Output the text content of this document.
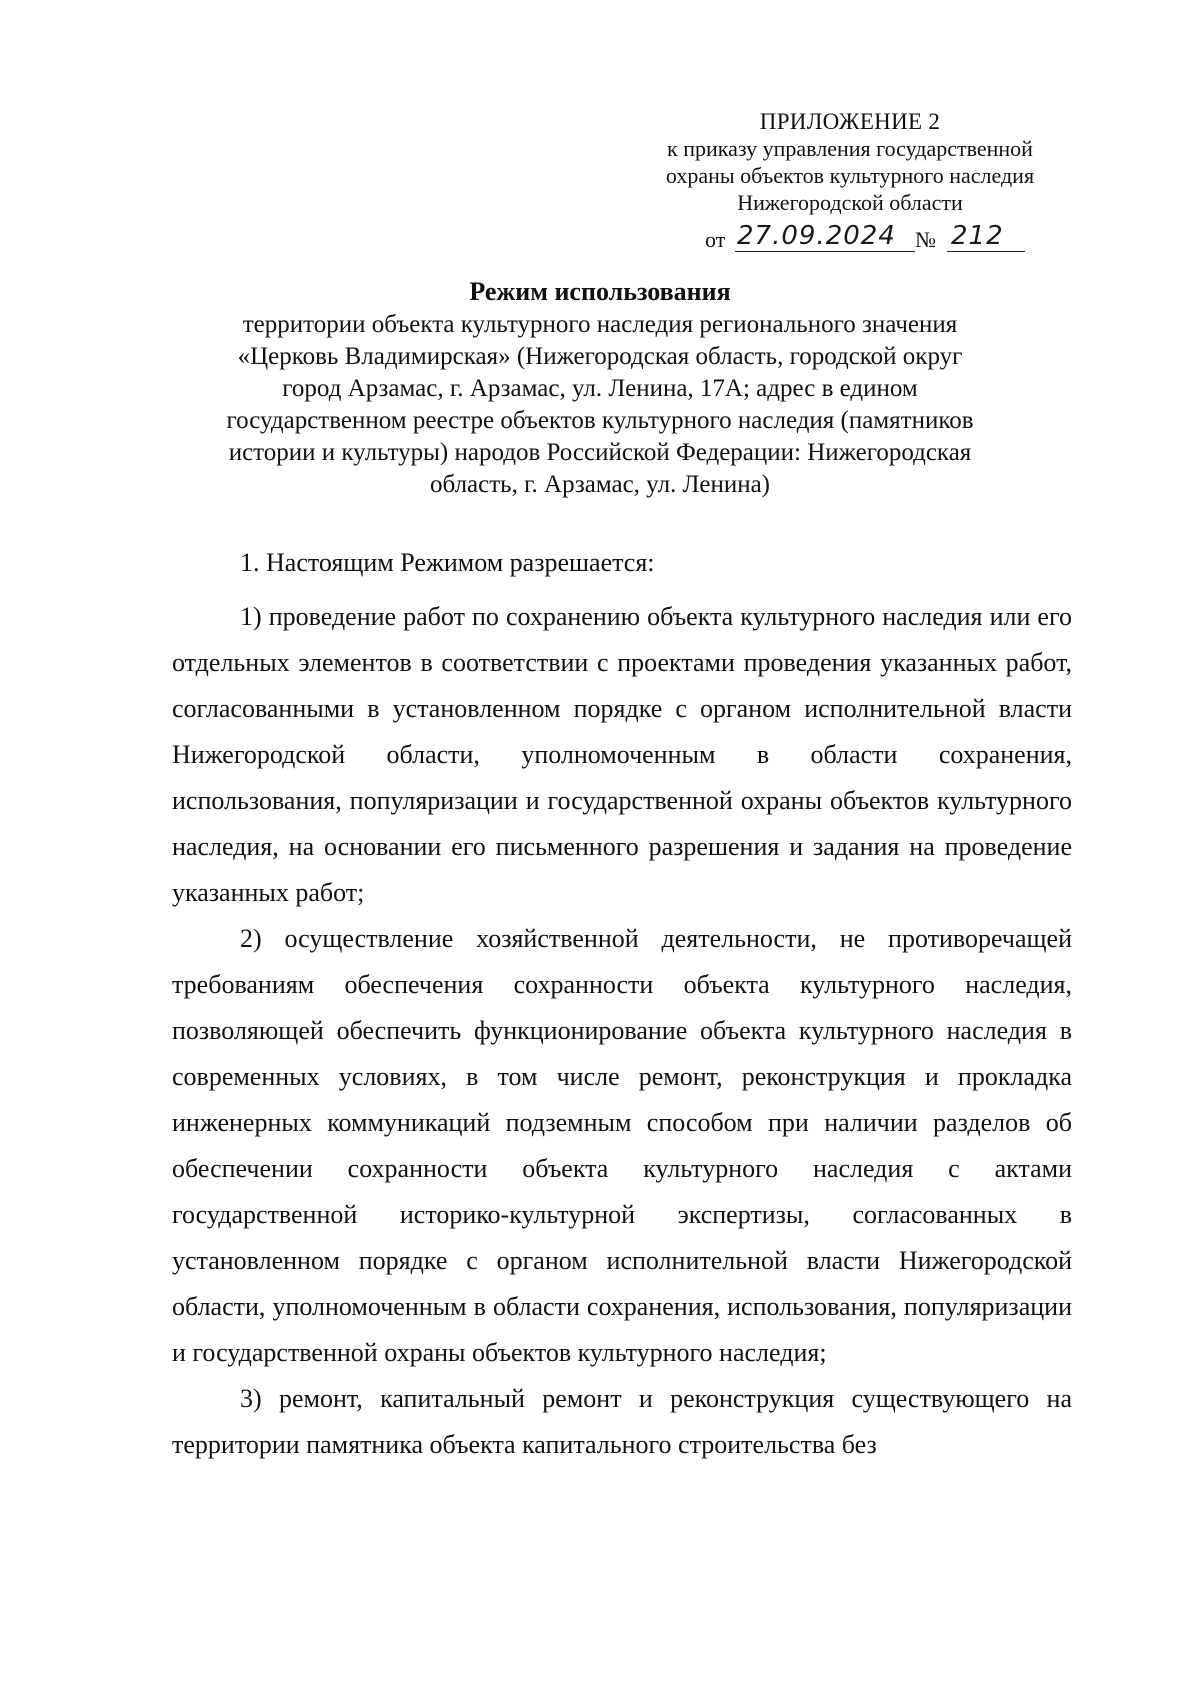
ПРИЛОЖЕНИЕ 2
к приказу управления государственной
охраны объектов культурного наследия
Нижегородской области
от 27.09.2024 № 212

Режим использования

территории объекта культурного наследия регионального значения

«Церковь Владимирская» (Нижегородская область, городской округ

город Арзамас, г. Арзамас, ул. Ленина, 17А; адрес в едином

государственном реестре объектов культурного наследия (памятников

истории и культуры) народов Российской Федерации: Нижегородская

область, г. Арзамас, ул. Ленина)

1. Настоящим Режимом разрешается:

1) проведение работ по сохранению объекта культурного наследия или его отдельных элементов в соответствии с проектами проведения указанных работ, согласованными в установленном порядке с органом исполнительной власти Нижегородской области, уполномоченным в области сохранения, использования, популяризации и государственной охраны объектов культурного наследия, на основании его письменного разрешения и задания на проведение указанных работ;

2) осуществление хозяйственной деятельности, не противоречащей требованиям обеспечения сохранности объекта культурного наследия, позволяющей обеспечить функционирование объекта культурного наследия в современных условиях, в том числе ремонт, реконструкция и прокладка инженерных коммуникаций подземным способом при наличии разделов об обеспечении сохранности объекта культурного наследия с актами государственной историко-культурной экспертизы, согласованных в установленном порядке с органом исполнительной власти Нижегородской области, уполномоченным в области сохранения, использования, популяризации и государственной охраны объектов культурного наследия;

3) ремонт, капитальный ремонт и реконструкция существующего на территории памятника объекта капитального строительства без
